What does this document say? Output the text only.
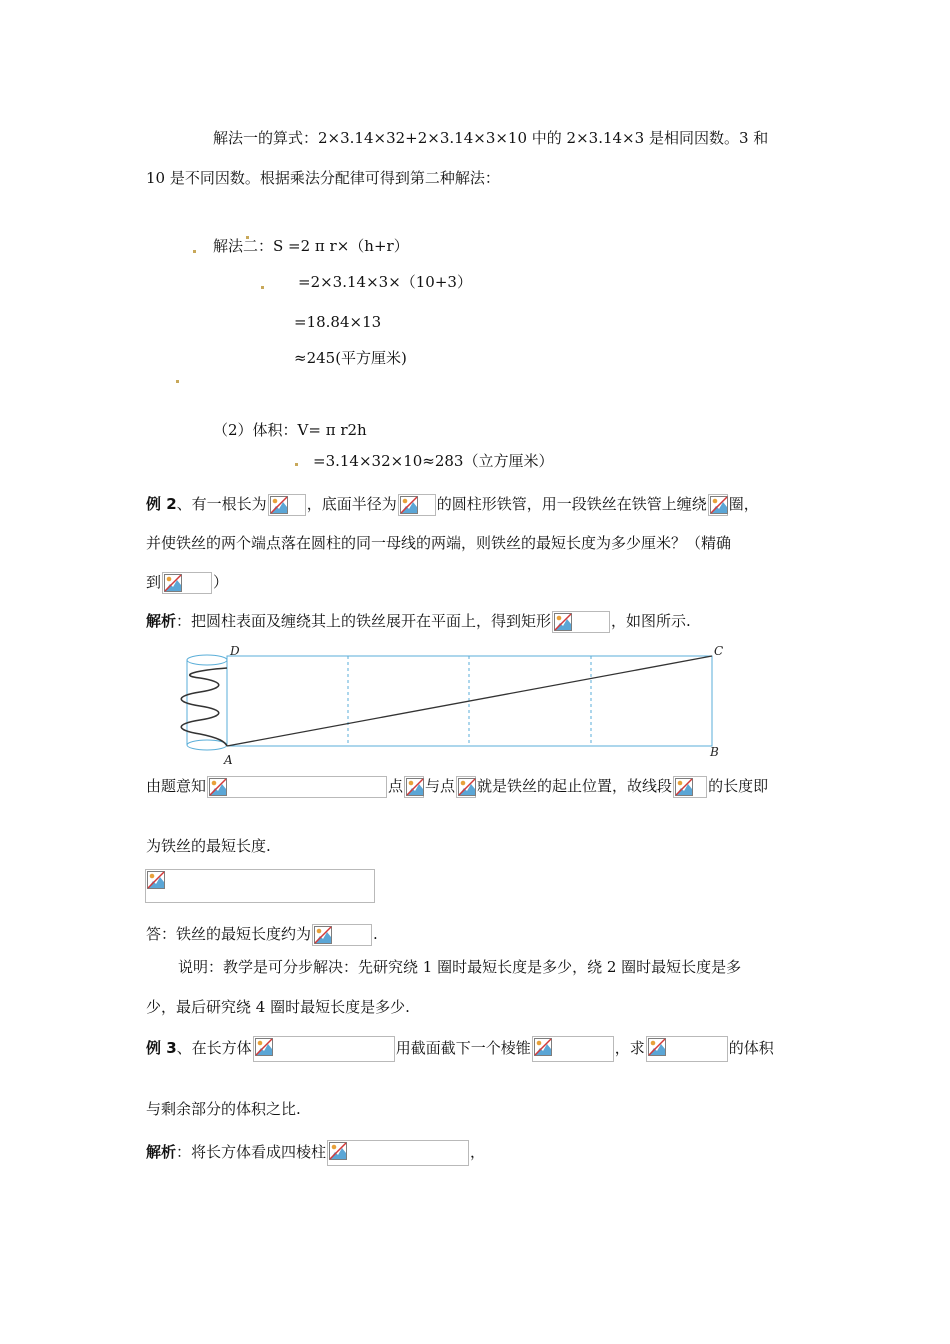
解法一的算式：2×3.14×32+2×3.14×3×10 中的 2×3.14×3 是相同因数。3 和
10 是不同因数。根据乘法分配律可得到第二种解法：
解法二：S =2 π r×（h+r）
=2×3.14×3×（10+3）
=18.84×13
≈245(平方厘米)
（2）体积：V= π r2h
=3.14×32×10≈283（立方厘米）
例 2、有一根长为	，底面半径为	的圆柱形铁管，用一段铁丝在铁管上缠绕 圈，
并使铁丝的两个端点落在圆柱的同一母线的两端，则铁丝的最短长度为多少厘米？（精确
到	）
解析：把圆柱表面及缠绕其上的铁丝展开在平面上，得到矩形	，如图所示.
D	C
A
B
由题意知	点 与点 就是铁丝的起止位置，故线段 的长度即
为铁丝的最短长度.
答：铁丝的最短长度约为	.
说明：教学是可分步解决：先研究绕 1 圈时最短长度是多少，绕 2 圈时最短长度是多
少，最后研究绕 4 圈时最短长度是多少.
例 3、在长方体	用截面截下一个棱锥	，求	的体积
与剩余部分的体积之比.
解析：将长方体看成四棱柱	，
